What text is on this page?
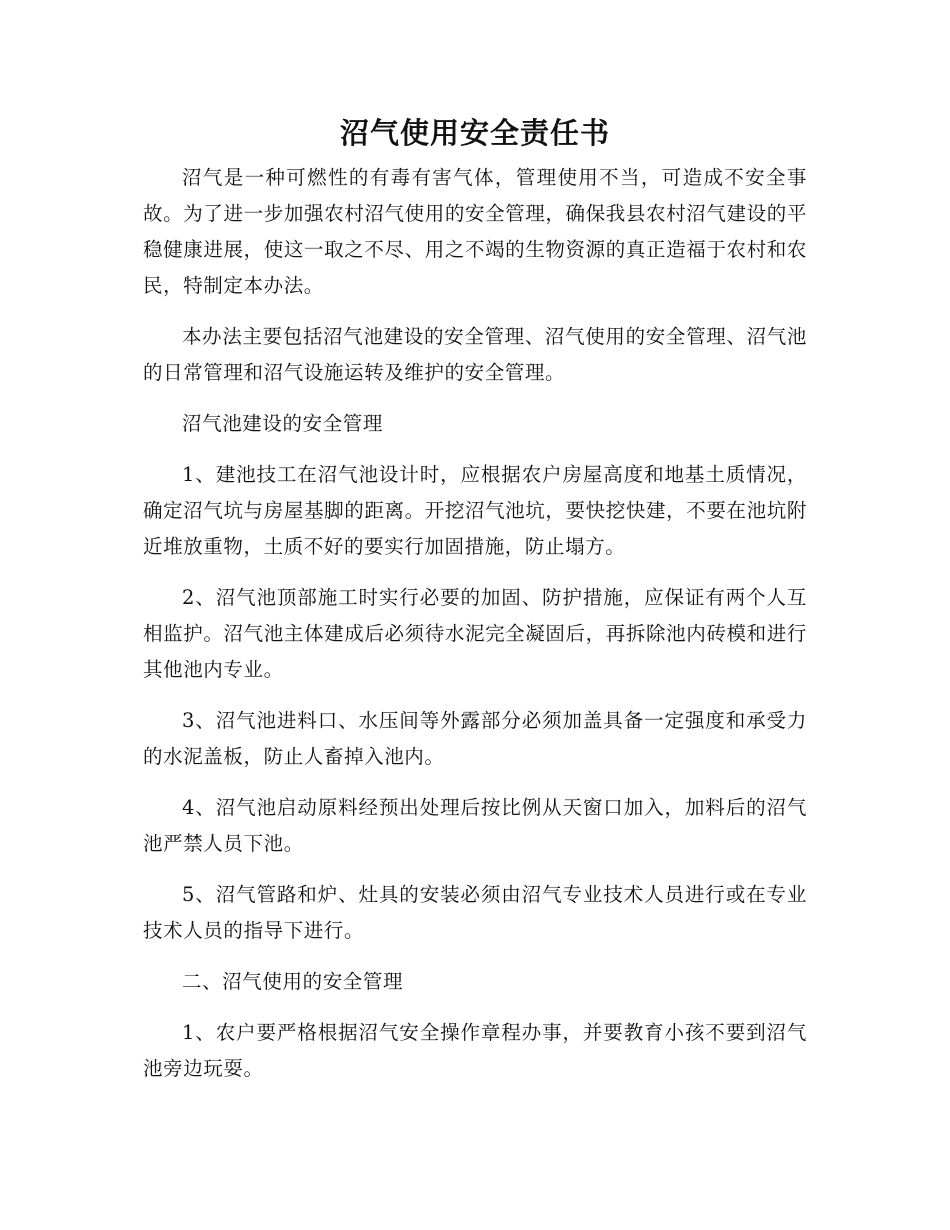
沼气使用安全责任书

沼气是一种可燃性的有毒有害气体，管理使用不当，可造成不安全事故。为了进一步加强农村沼气使用的安全管理，确保我县农村沼气建设的平稳健康进展，使这一取之不尽、用之不竭的生物资源的真正造福于农村和农民，特制定本办法。

本办法主要包括沼气池建设的安全管理、沼气使用的安全管理、沼气池的日常管理和沼气设施运转及维护的安全管理。

沼气池建设的安全管理

1、建池技工在沼气池设计时，应根据农户房屋高度和地基土质情况，确定沼气坑与房屋基脚的距离。开挖沼气池坑，要快挖快建，不要在池坑附近堆放重物，土质不好的要实行加固措施，防止塌方。

2、沼气池顶部施工时实行必要的加固、防护措施，应保证有两个人互相监护。沼气池主体建成后必须待水泥完全凝固后，再拆除池内砖模和进行其他池内专业。

3、沼气池进料口、水压间等外露部分必须加盖具备一定强度和承受力的水泥盖板，防止人畜掉入池内。

4、沼气池启动原料经预出处理后按比例从天窗口加入，加料后的沼气池严禁人员下池。

5、沼气管路和炉、灶具的安装必须由沼气专业技术人员进行或在专业技术人员的指导下进行。

二、沼气使用的安全管理

1、农户要严格根据沼气安全操作章程办事，并要教育小孩不要到沼气池旁边玩耍。
